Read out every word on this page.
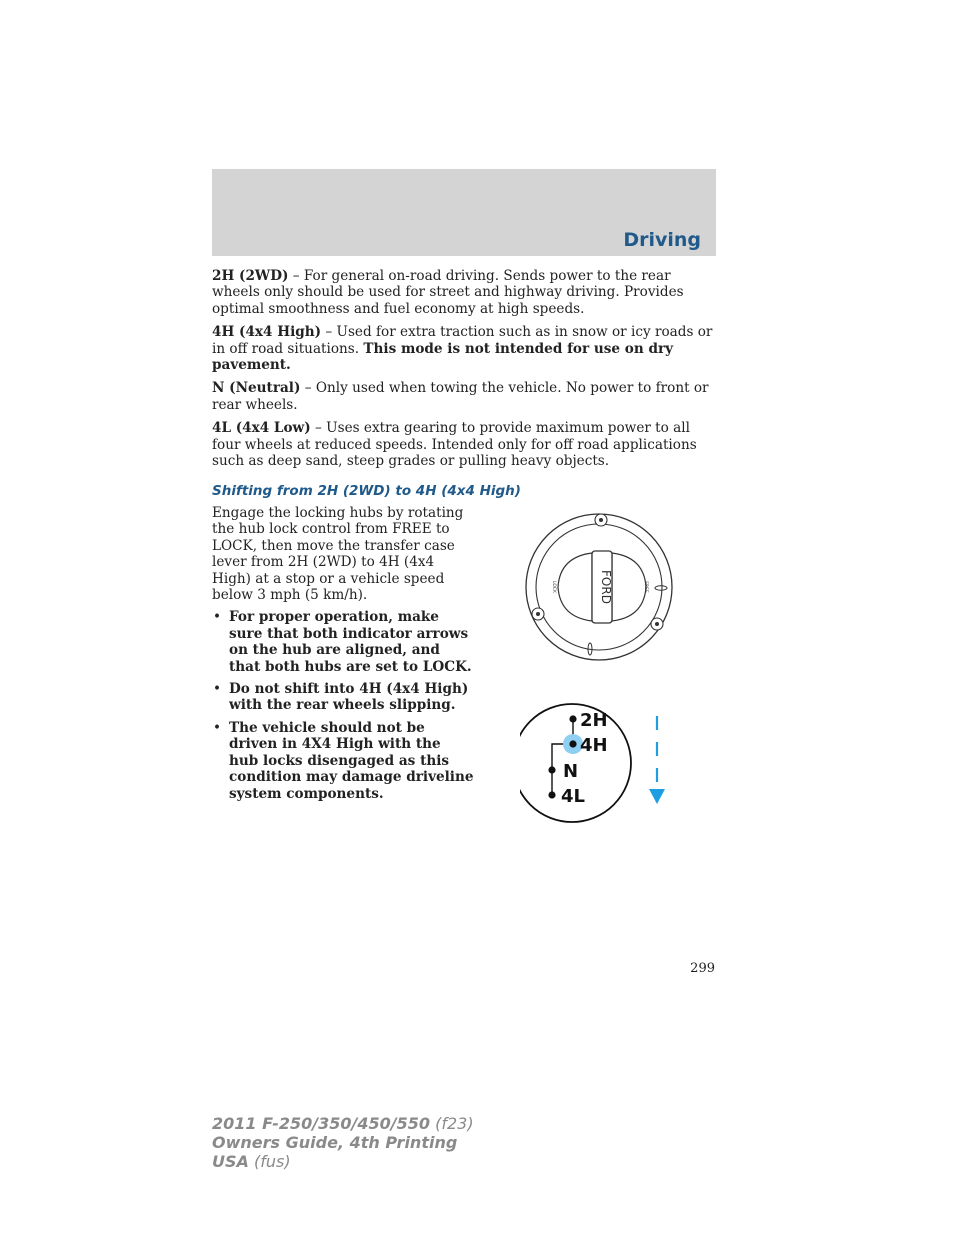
Driving

2H (2WD) – For general on-road driving. Sends power to the rear wheels only should be used for street and highway driving. Provides optimal smoothness and fuel economy at high speeds.

4H (4x4 High) – Used for extra traction such as in snow or icy roads or in off road situations. This mode is not intended for use on dry pavement.

N (Neutral) – Only used when towing the vehicle. No power to front or rear wheels.

4L (4x4 Low) – Uses extra gearing to provide maximum power to all four wheels at reduced speeds. Intended only for off road applications such as deep sand, steep grades or pulling heavy objects.

Shifting from 2H (2WD) to 4H (4x4 High)

Engage the locking hubs by rotating the hub lock control from FREE to LOCK, then move the transfer case lever from 2H (2WD) to 4H (4x4 High) at a stop or a vehicle speed below 3 mph (5 km/h).

• For proper operation, make sure that both indicator arrows on the hub are aligned, and that both hubs are set to LOCK.
• Do not shift into 4H (4x4 High) with the rear wheels slipping.
• The vehicle should not be driven in 4X4 High with the hub locks disengaged as this condition may damage driveline system components.
FORD
LOCK	FREE
2H
4H
N
4L
299
2011 F-250/350/450/550 (f23)
Owners Guide, 4th Printing
USA (fus)
